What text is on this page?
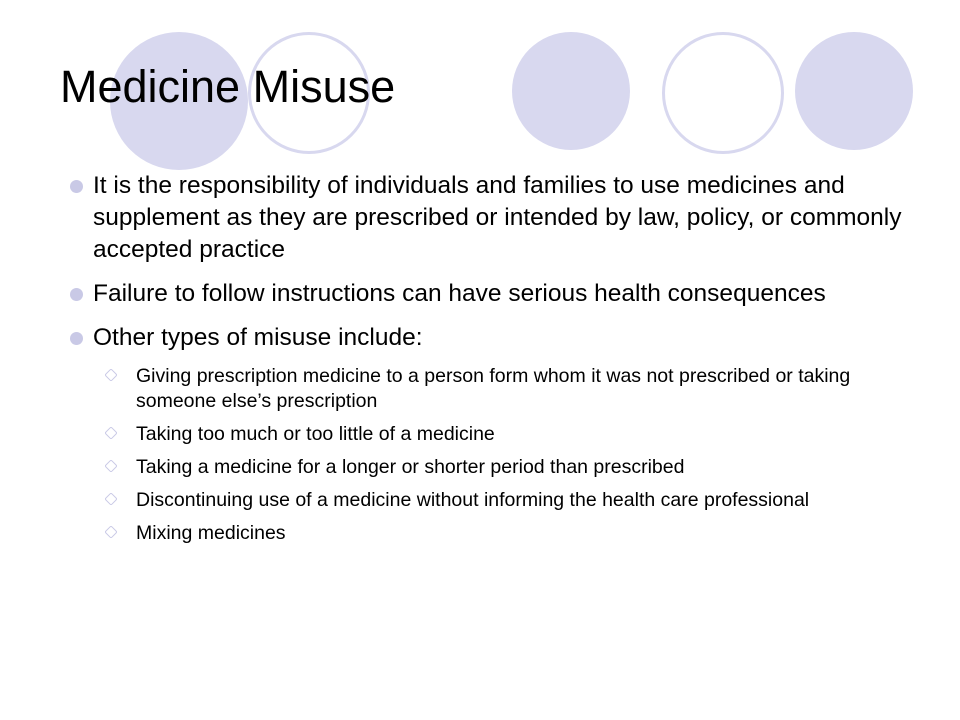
Medicine Misuse
It is the responsibility of individuals and families to use medicines and supplement as they are prescribed or intended by law, policy, or commonly accepted practice
Failure to follow instructions can have serious health consequences
Other types of misuse include:
Giving prescription medicine to a person form whom it was not prescribed or taking someone else’s prescription
Taking too much or too little of a medicine
Taking a medicine for a longer or shorter period than prescribed
Discontinuing use of a medicine without informing the health care professional
Mixing medicines
